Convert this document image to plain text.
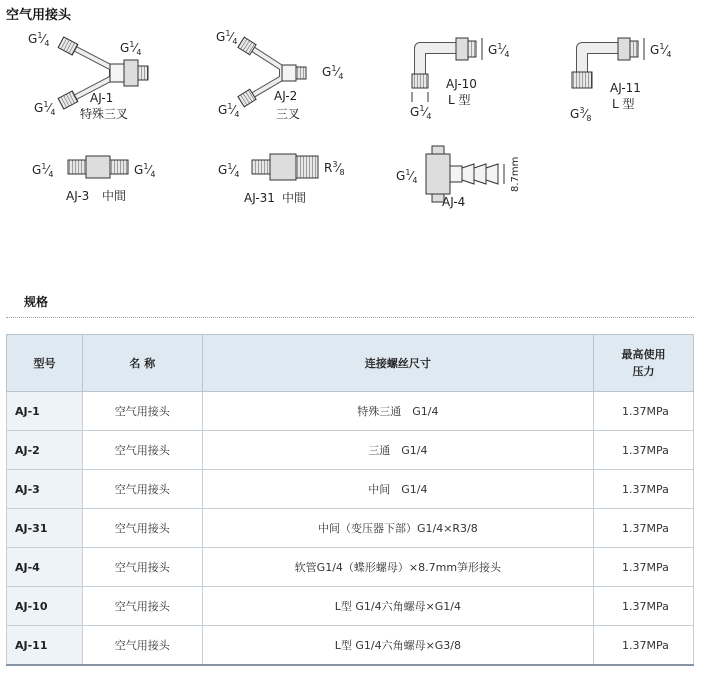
空气用接头
$G^1⁄_4$	$G^1⁄_4$
$G^1⁄_4$
AJ-1
特殊三叉
$G^1⁄_4$
$G^1⁄_4$
$G^1⁄_4$
AJ-2
三叉
$G^1⁄_4$
$G^1⁄_4$
AJ-10
L 型
$G^1⁄_4$
$G^3⁄_8$
AJ-11
L 型
$G^1⁄_4$	$G^1⁄_4$
AJ-3 中間
$G^1⁄_4$	$R^3⁄_8$
AJ-31 中間
$G^1⁄_4$	8.7mm
AJ-4
规格
型号	名 称	连接螺丝尺寸	最高使用
压力

AJ-1	空气用接头	特殊三通　G1/4	1.37MPa
AJ-2	空气用接头	三通　G1/4	1.37MPa
AJ-3	空气用接头	中间　G1/4	1.37MPa
AJ-31	空气用接头	中间（变压器下部）G1/4×R3/8	1.37MPa
AJ-4	空气用接头	软管G1/4（蝶形螺母）×8.7mm笋形接头	1.37MPa
AJ-10	空气用接头	L型 G1/4六角螺母×G1/4	1.37MPa
AJ-11	空气用接头	L型 G1/4六角螺母×G3/8	1.37MPa
